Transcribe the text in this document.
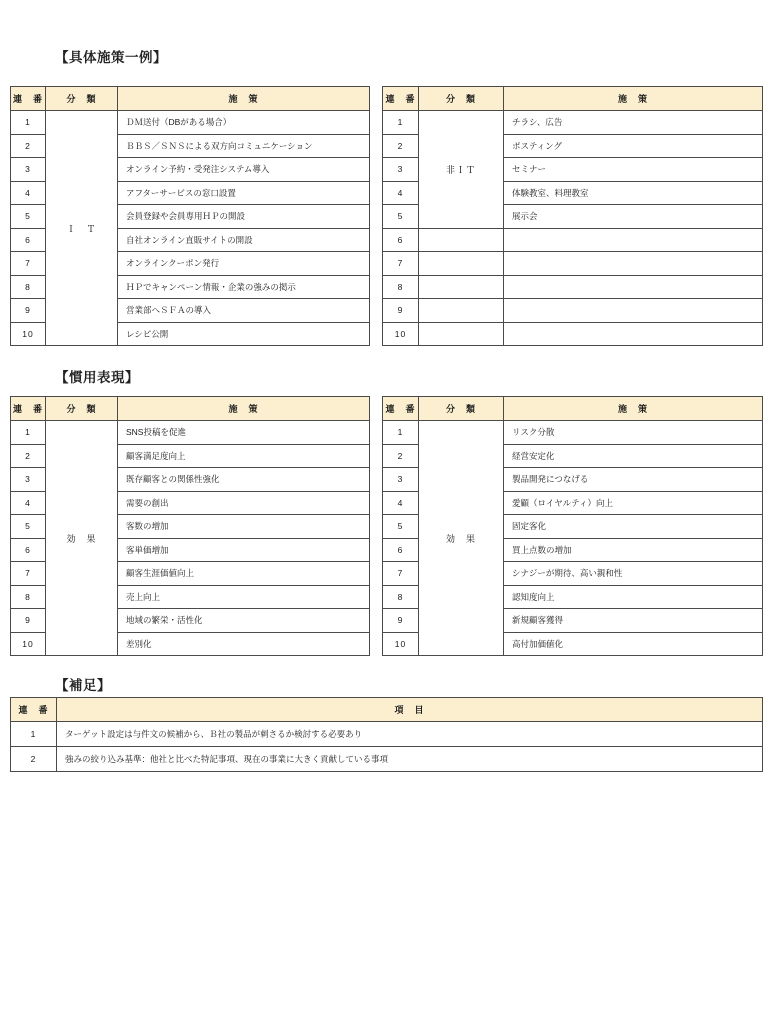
【具体施策一例】
連　番	分　類	施　策
1	Ｉ　Ｔ	ＤＭ送付（DBがある場合）
2		ＢＢＳ／ＳＮＳによる双方向コミュニケーション
3		オンライン予約・受発注システム導入
4		アフターサービスの窓口設置
5		会員登録や会員専用ＨＰの開設
6		自社オンライン直販サイトの開設
7		オンラインクーポン発行
8		ＨＰでキャンペーン情報・企業の強みの掲示
9		営業部へＳＦＡの導入
10		レシピ公開
連　番	分　類	施　策
1	非ＩＴ	チラシ、広告
2		ポスティング
3		セミナー
4		体験教室、料理教室
5		展示会
6		
7		
8		
9		
10		
【慣用表現】
連　番	分　類	施　策
1	効　果	SNS投稿を促進
2		顧客満足度向上
3		既存顧客との関係性強化
4		需要の創出
5		客数の増加
6		客単価増加
7		顧客生涯価値向上
8		売上向上
9		地域の繁栄・活性化
10		差別化
連　番	分　類	施　策
1	効　果	リスク分散
2		経営安定化
3		製品開発につなげる
4		愛顧（ロイヤルティ）向上
5		固定客化
6		買上点数の増加
7		シナジーが期待、高い親和性
8		認知度向上
9		新規顧客獲得
10		高付加価値化
【補足】
連　番	項　目
1	ターゲット設定は与件文の候補から、Ｂ社の製品が刺さるか検討する必要あり
2	強みの絞り込み基準：他社と比べた特記事項、現在の事業に大きく貢献している事項
